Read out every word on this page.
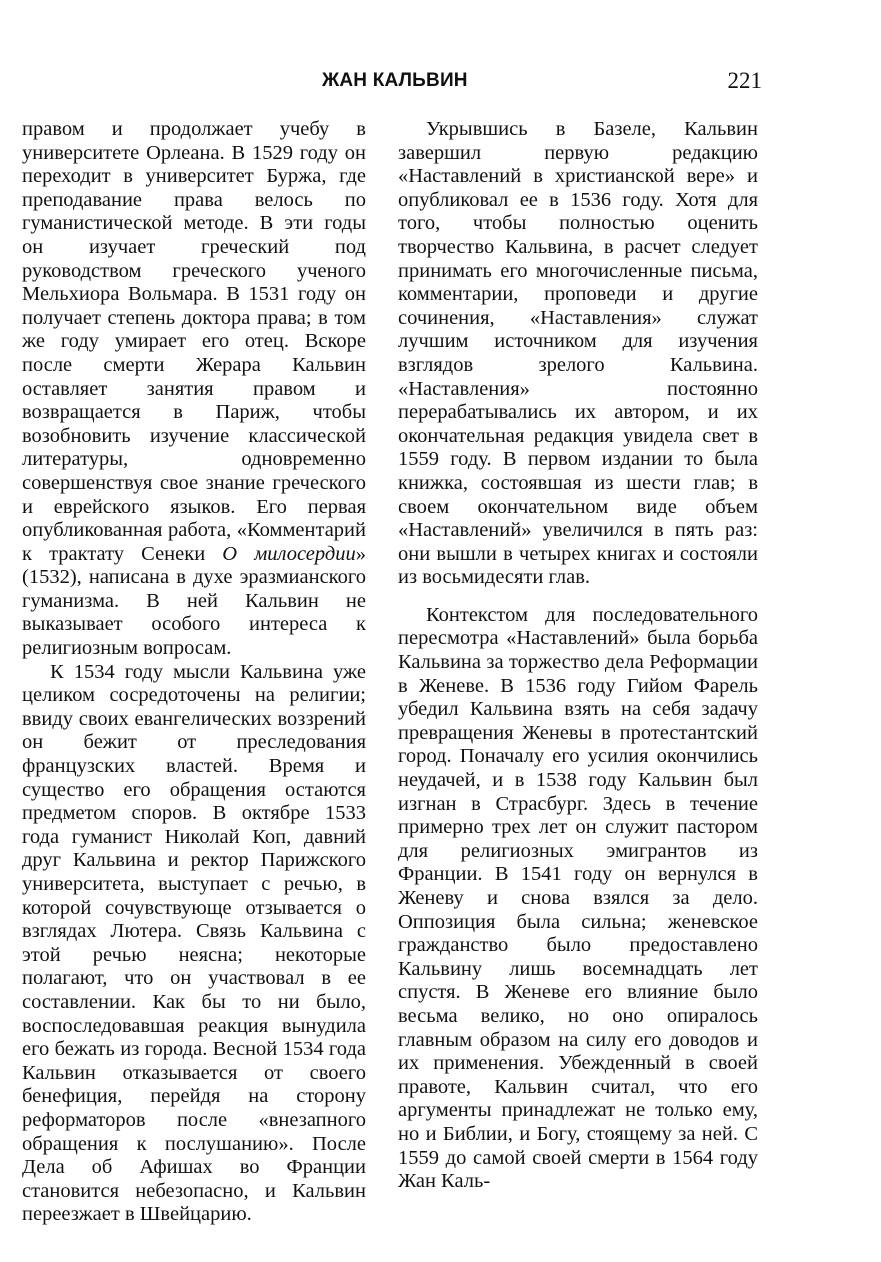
ЖАН КАЛЬВИН	221

правом и продолжает учебу в университете Орлеана. В 1529 году он переходит в университет Буржа, где преподавание права велось по гуманистической методе. В эти годы он изучает греческий под руководством греческого ученого Мельхиора Вольмара. В 1531 году он получает степень доктора права; в том же году умирает его отец. Вскоре после смерти Жерара Кальвин оставляет занятия правом и возвращается в Париж, чтобы возобновить изучение классической литературы, одновременно совершенствуя свое знание греческого и еврейского языков. Его первая опубликованная работа, «Комментарий к трактату Сенеки О милосердии» (1532), написана в духе эразмианского гуманизма. В ней Кальвин не выказывает особого интереса к религиозным вопросам.

К 1534 году мысли Кальвина уже целиком сосредоточены на религии; ввиду своих евангелических воззрений он бежит от преследования французских властей. Время и существо его обращения остаются предметом споров. В октябре 1533 года гуманист Николай Коп, давний друг Кальвина и ректор Парижского университета, выступает с речью, в которой сочувствующе отзывается о взглядах Лютера. Связь Кальвина с этой речью неясна; некоторые полагают, что он участвовал в ее составлении. Как бы то ни было, воспоследовавшая реакция вынудила его бежать из города. Весной 1534 года Кальвин отказывается от своего бенефиция, перейдя на сторону реформаторов после «внезапного обращения к послушанию». После Дела об Афишах во Франции становится небезопасно, и Кальвин переезжает в Швейцарию.

Укрывшись в Базеле, Кальвин завершил первую редакцию «Наставлений в христианской вере» и опубликовал ее в 1536 году. Хотя для того, чтобы полностью оценить творчество Кальвина, в расчет следует принимать его многочисленные письма, комментарии, проповеди и другие сочинения, «Наставления» служат лучшим источником для изучения взглядов зрелого Кальвина. «Наставления» постоянно перерабатывались их автором, и их окончательная редакция увидела свет в 1559 году. В первом издании то была книжка, состоявшая из шести глав; в своем окончательном виде объем «Наставлений» увеличился в пять раз: они вышли в четырех книгах и состояли из восьмидесяти глав.

Контекстом для последовательного пересмотра «Наставлений» была борьба Кальвина за торжество дела Реформации в Женеве. В 1536 году Гийом Фарель убедил Кальвина взять на себя задачу превращения Женевы в протестантский город. Поначалу его усилия окончились неудачей, и в 1538 году Кальвин был изгнан в Страсбург. Здесь в течение примерно трех лет он служит пастором для религиозных эмигрантов из Франции. В 1541 году он вернулся в Женеву и снова взялся за дело. Оппозиция была сильна; женевское гражданство было предоставлено Кальвину лишь восемнадцать лет спустя. В Женеве его влияние было весьма велико, но оно опиралось главным образом на силу его доводов и их применения. Убежденный в своей правоте, Кальвин считал, что его аргументы принадлежат не только ему, но и Библии, и Богу, стоящему за ней. С 1559 до самой своей смерти в 1564 году Жан Каль-
